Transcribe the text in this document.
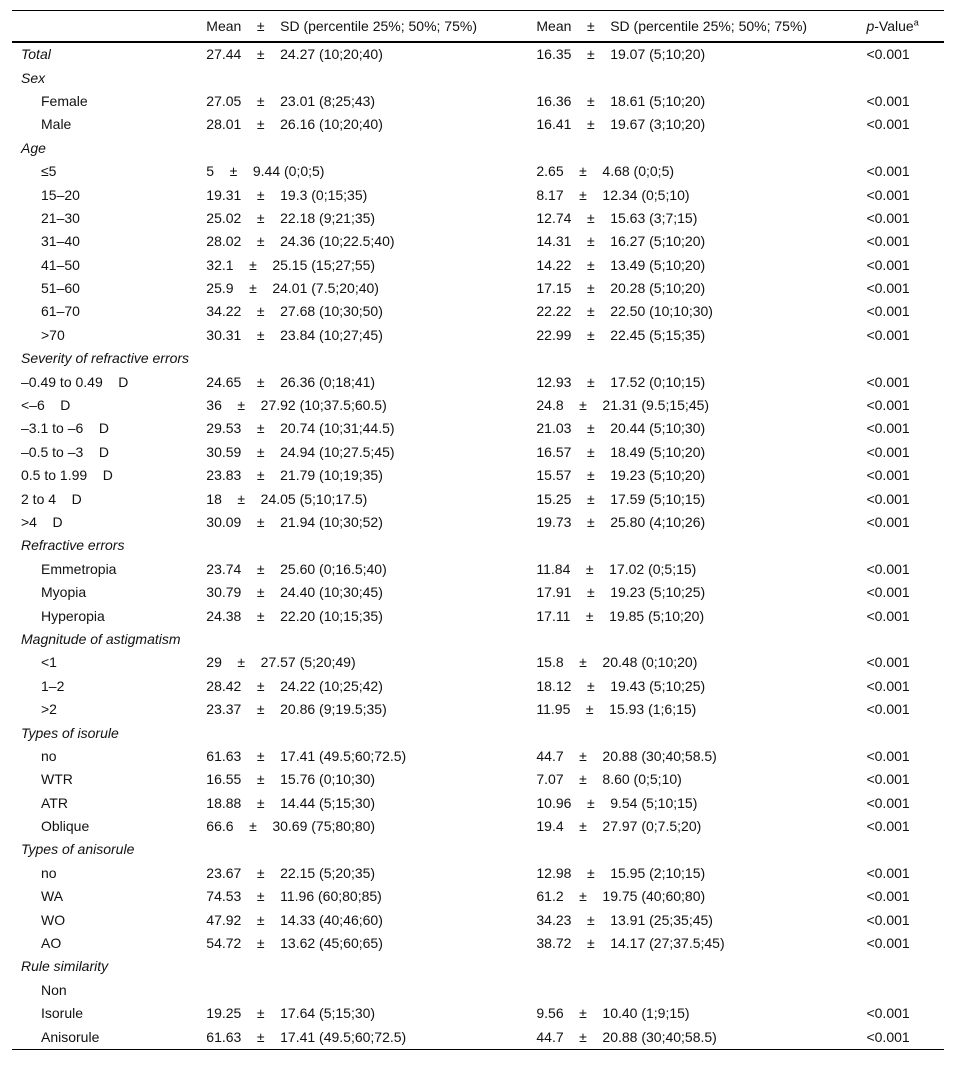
	Mean    ±    SD (percentile 25%; 50%; 75%)	Mean    ±    SD (percentile 25%; 50%; 75%)	p-Value$^a$
Total	27.44    ±    24.27 (10;20;40)	16.35    ±    19.07 (5;10;20)	<0.001
Sex			
Female	27.05    ±    23.01 (8;25;43)	16.36    ±    18.61 (5;10;20)	<0.001
Male	28.01    ±    26.16 (10;20;40)	16.41    ±    19.67 (3;10;20)	<0.001
Age			
≤5	5    ±    9.44 (0;0;5)	2.65    ±    4.68 (0;0;5)	<0.001
15–20	19.31    ±    19.3 (0;15;35)	8.17    ±    12.34 (0;5;10)	<0.001
21–30	25.02    ±    22.18 (9;21;35)	12.74    ±    15.63 (3;7;15)	<0.001
31–40	28.02    ±    24.36 (10;22.5;40)	14.31    ±    16.27 (5;10;20)	<0.001
41–50	32.1    ±    25.15 (15;27;55)	14.22    ±    13.49 (5;10;20)	<0.001
51–60	25.9    ±    24.01 (7.5;20;40)	17.15    ±    20.28 (5;10;20)	<0.001
61–70	34.22    ±    27.68 (10;30;50)	22.22    ±    22.50 (10;10;30)	<0.001
>70	30.31    ±    23.84 (10;27;45)	22.99    ±    22.45 (5;15;35)	<0.001
Severity of refractive errors			
–0.49 to 0.49    D	24.65    ±    26.36 (0;18;41)	12.93    ±    17.52 (0;10;15)	<0.001
<–6    D	36    ±    27.92 (10;37.5;60.5)	24.8    ±    21.31 (9.5;15;45)	<0.001
–3.1 to –6    D	29.53    ±    20.74 (10;31;44.5)	21.03    ±    20.44 (5;10;30)	<0.001
–0.5 to –3    D	30.59    ±    24.94 (10;27.5;45)	16.57    ±    18.49 (5;10;20)	<0.001
0.5 to 1.99    D	23.83    ±    21.79 (10;19;35)	15.57    ±    19.23 (5;10;20)	<0.001
2 to 4    D	18    ±    24.05 (5;10;17.5)	15.25    ±    17.59 (5;10;15)	<0.001
>4    D	30.09    ±    21.94 (10;30;52)	19.73    ±    25.80 (4;10;26)	<0.001
Refractive errors			
Emmetropia	23.74    ±    25.60 (0;16.5;40)	11.84    ±    17.02 (0;5;15)	<0.001
Myopia	30.79    ±    24.40 (10;30;45)	17.91    ±    19.23 (5;10;25)	<0.001
Hyperopia	24.38    ±    22.20 (10;15;35)	17.11    ±    19.85 (5;10;20)	<0.001
Magnitude of astigmatism			
<1	29    ±    27.57 (5;20;49)	15.8    ±    20.48 (0;10;20)	<0.001
1–2	28.42    ±    24.22 (10;25;42)	18.12    ±    19.43 (5;10;25)	<0.001
>2	23.37    ±    20.86 (9;19.5;35)	11.95    ±    15.93 (1;6;15)	<0.001
Types of isorule			
no	61.63    ±    17.41 (49.5;60;72.5)	44.7    ±    20.88 (30;40;58.5)	<0.001
WTR	16.55    ±    15.76 (0;10;30)	7.07    ±    8.60 (0;5;10)	<0.001
ATR	18.88    ±    14.44 (5;15;30)	10.96    ±    9.54 (5;10;15)	<0.001
Oblique	66.6    ±    30.69 (75;80;80)	19.4    ±    27.97 (0;7.5;20)	<0.001
Types of anisorule			
no	23.67    ±    22.15 (5;20;35)	12.98    ±    15.95 (2;10;15)	<0.001
WA	74.53    ±    11.96 (60;80;85)	61.2    ±    19.75 (40;60;80)	<0.001
WO	47.92    ±    14.33 (40;46;60)	34.23    ±    13.91 (25;35;45)	<0.001
AO	54.72    ±    13.62 (45;60;65)	38.72    ±    14.17 (27;37.5;45)	<0.001
Rule similarity			
Non			
Isorule	19.25    ±    17.64 (5;15;30)	9.56    ±    10.40 (1;9;15)	<0.001
Anisorule	61.63    ±    17.41 (49.5;60;72.5)	44.7    ±    20.88 (30;40;58.5)	<0.001
